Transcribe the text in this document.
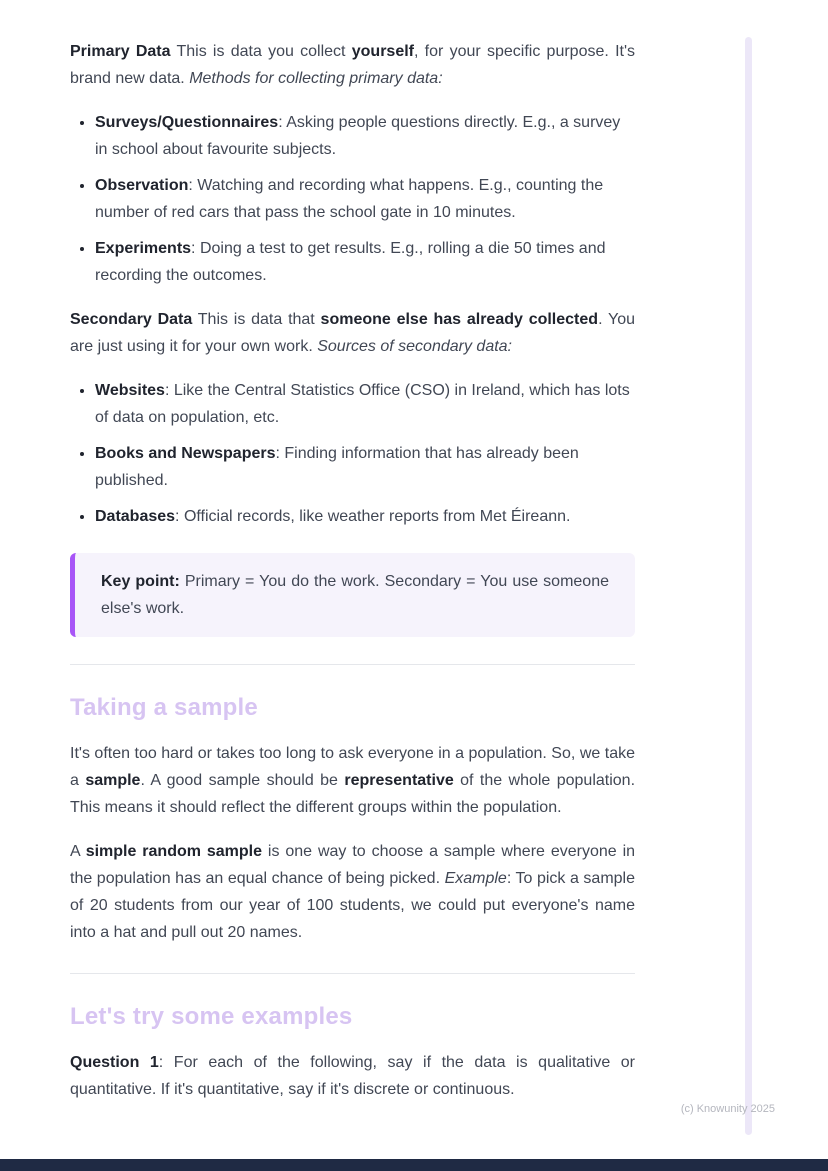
Primary Data This is data you collect yourself, for your specific purpose. It's brand new data. Methods for collecting primary data:

• Surveys/Questionnaires: Asking people questions directly. E.g., a survey in school about favourite subjects.
• Observation: Watching and recording what happens. E.g., counting the number of red cars that pass the school gate in 10 minutes.
• Experiments: Doing a test to get results. E.g., rolling a die 50 times and recording the outcomes.

Secondary Data This is data that someone else has already collected. You are just using it for your own work. Sources of secondary data:

• Websites: Like the Central Statistics Office (CSO) in Ireland, which has lots of data on population, etc.
• Books and Newspapers: Finding information that has already been published.
• Databases: Official records, like weather reports from Met Éireann.

Key point: Primary = You do the work. Secondary = You use someone else's work.

Taking a sample

It's often too hard or takes too long to ask everyone in a population. So, we take a sample. A good sample should be representative of the whole population. This means it should reflect the different groups within the population.

A simple random sample is one way to choose a sample where everyone in the population has an equal chance of being picked. Example: To pick a sample of 20 students from our year of 100 students, we could put everyone's name into a hat and pull out 20 names.

Let's try some examples

Question 1: For each of the following, say if the data is qualitative or quantitative. If it's quantitative, say if it's discrete or continuous.

(c) Knowunity 2025
